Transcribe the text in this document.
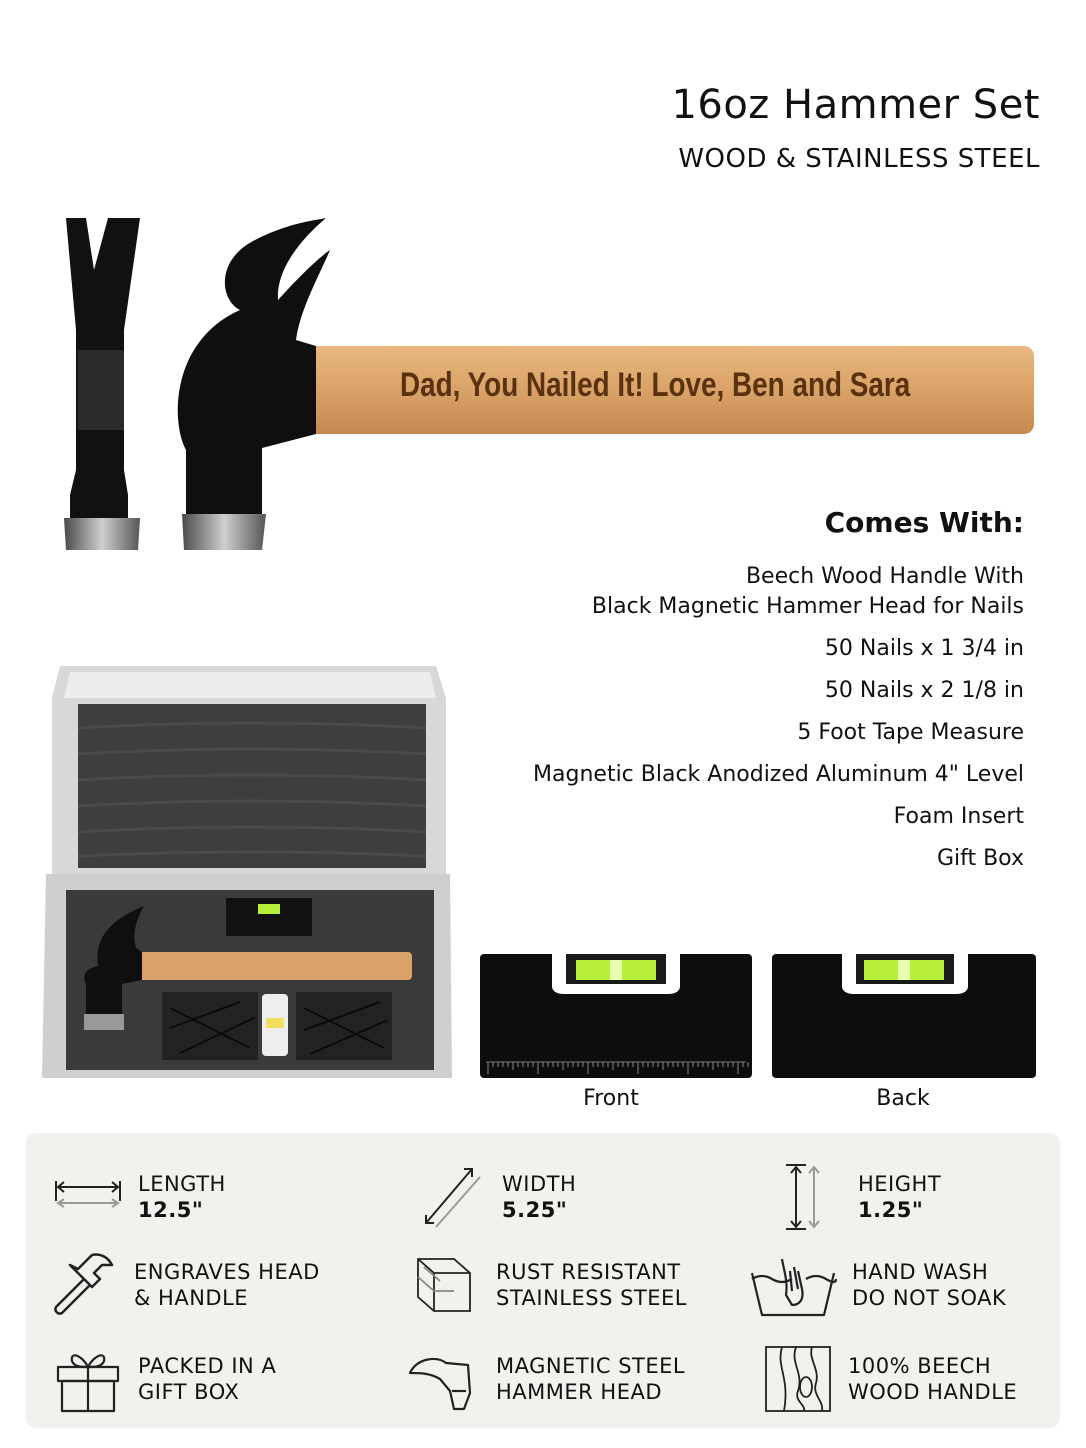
16oz Hammer Set
WOOD & STAINLESS STEEL
Dad, You Nailed It! Love, Ben and Sara
Comes With:
Beech Wood Handle With
Black Magnetic Hammer Head for Nails
50 Nails x 1 3/4 in
50 Nails x 2 1/8 in
5 Foot Tape Measure
Magnetic Black Anodized Aluminum 4" Level
Foam Insert
Gift Box
Front	Back
LENGTH
12.5"
WIDTH
5.25"
HEIGHT
1.25"
ENGRAVES HEAD
& HANDLE
RUST RESISTANT
STAINLESS STEEL
HAND WASH
DO NOT SOAK
PACKED IN A
GIFT BOX
MAGNETIC STEEL
HAMMER HEAD
100% BEECH
WOOD HANDLE
